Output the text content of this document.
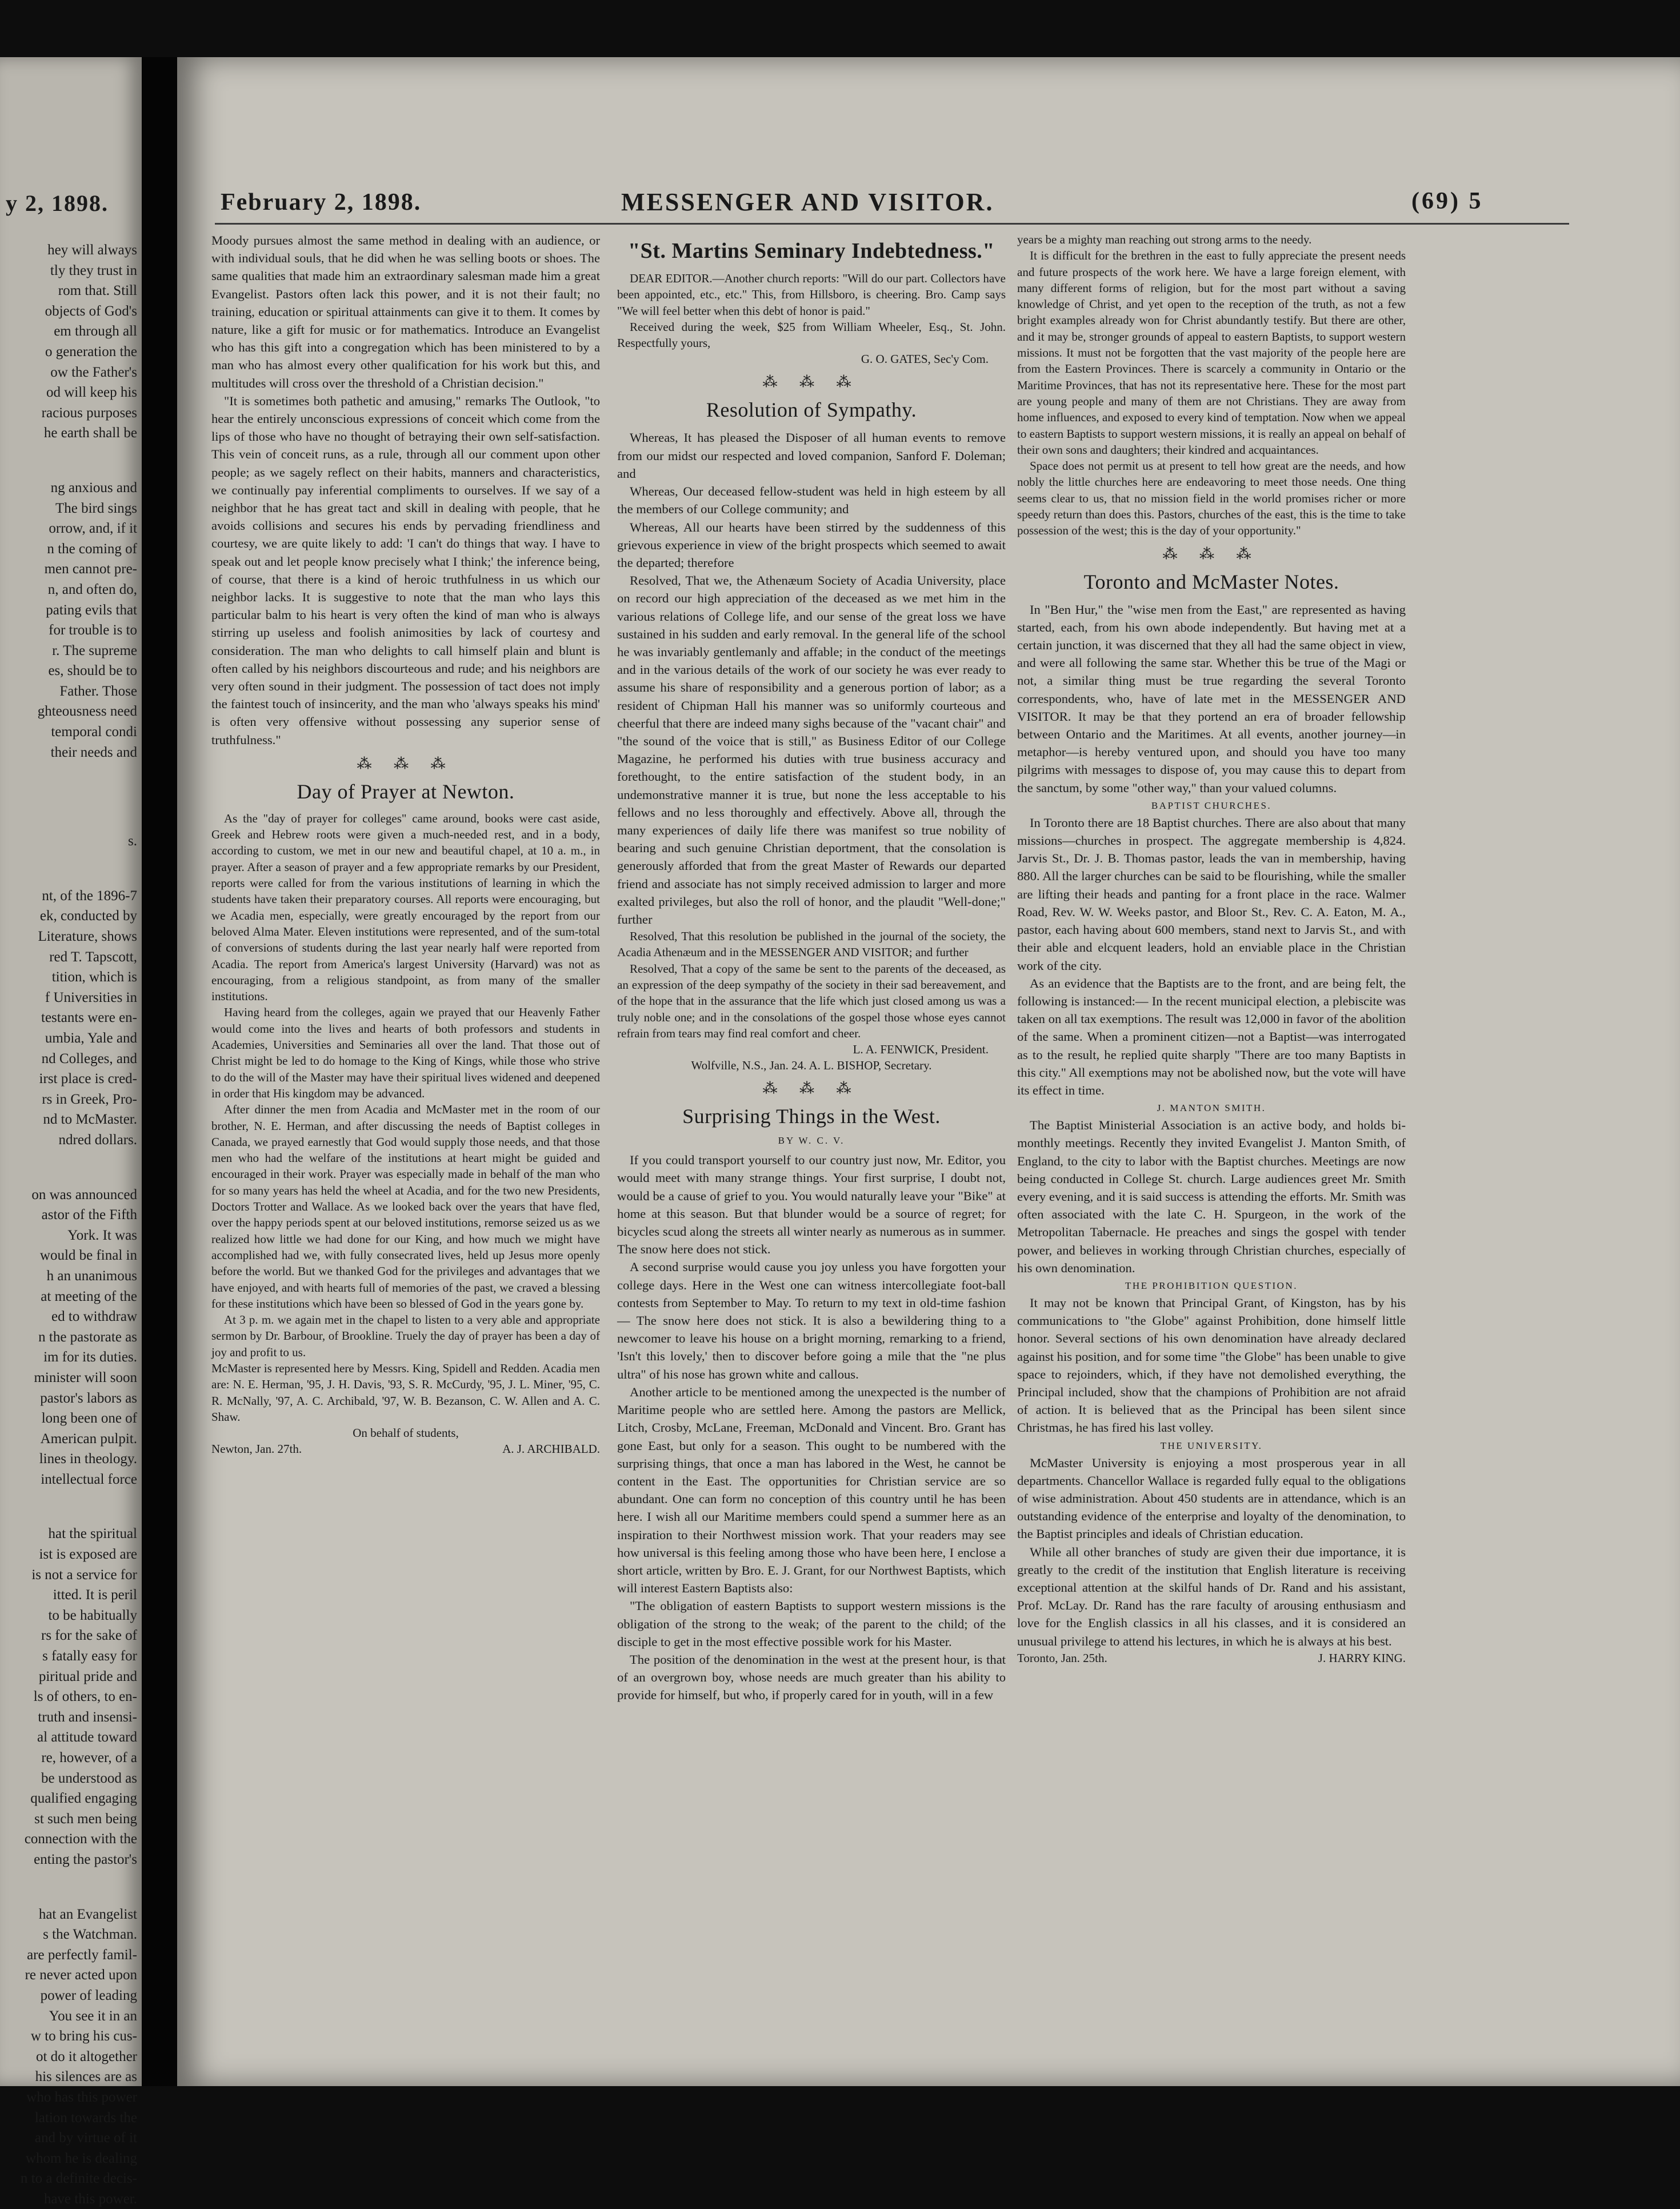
y 2, 1898.
hey will always
tly they trust in
rom that. Still
objects of God's
em through all
o generation the
ow the Father's
od will keep his
racious purposes
he earth shall be
ng anxious and
The bird sings
orrow, and, if it
n the coming of
men cannot pre-
n, and often do,
pating evils that
for trouble is to
r. The supreme
es, should be to
Father. Those
ghteousness need
temporal condi
their needs and
s.
nt, of the 1896-7
ek, conducted by
Literature, shows
red T. Tapscott,
tition, which is
f Universities in
testants were en-
umbia, Yale and
nd Colleges, and
irst place is cred-
rs in Greek, Pro-
nd to McMaster.
ndred dollars.
on was announced
astor of the Fifth
York. It was
would be final in
h an unanimous
at meeting of the
ed to withdraw
n the pastorate as
im for its duties.
minister will soon
pastor's labors as
long been one of
American pulpit.
lines in theology.
intellectual force
hat the spiritual
ist is exposed are
is not a service for
itted. It is peril
to be habitually
rs for the sake of
s fatally easy for
piritual pride and
ls of others, to en-
truth and insensi-
al attitude toward
re, however, of a
be understood as
qualified engaging
st such men being
connection with the
enting the pastor's
hat an Evangelist
s the Watchman.
are perfectly famil-
re never acted upon
power of leading
You see it in an
w to bring his cus-
ot do it altogether
his silences are as
who has this power
lation towards the
and by virtue of it
whom he is dealing
n to a definite decis-
have this power.
February 2, 1898.	MESSENGER AND VISITOR.	(69) 5

Moody pursues almost the same method in dealing with an audience, or with individual souls, that he did when he was selling boots or shoes. The same qualities that made him an extraordinary salesman made him a great Evangelist. Pastors often lack this power, and it is not their fault; no training, education or spiritual attainments can give it to them. It comes by nature, like a gift for music or for mathematics. Introduce an Evangelist who has this gift into a congregation which has been ministered to by a man who has almost every other qualification for his work but this, and multitudes will cross over the threshold of a Christian decision."

"It is sometimes both pathetic and amusing," remarks The Outlook, "to hear the entirely unconscious expressions of conceit which come from the lips of those who have no thought of betraying their own self-satisfaction. This vein of conceit runs, as a rule, through all our comment upon other people; as we sagely reflect on their habits, manners and characteristics, we continually pay inferential compliments to ourselves. If we say of a neighbor that he has great tact and skill in dealing with people, that he avoids collisions and secures his ends by pervading friendliness and courtesy, we are quite likely to add: 'I can't do things that way. I have to speak out and let people know precisely what I think;' the inference being, of course, that there is a kind of heroic truthfulness in us which our neighbor lacks. It is suggestive to note that the man who lays this particular balm to his heart is very often the kind of man who is always stirring up useless and foolish animosities by lack of courtesy and consideration. The man who delights to call himself plain and blunt is often called by his neighbors discourteous and rude; and his neighbors are very often sound in their judgment. The possession of tact does not imply the faintest touch of insincerity, and the man who 'always speaks his mind' is often very offensive without possessing any superior sense of truthfulness."

⁂ ⁂ ⁂
Day of Prayer at Newton.

As the "day of prayer for colleges" came around, books were cast aside, Greek and Hebrew roots were given a much-needed rest, and in a body, according to custom, we met in our new and beautiful chapel, at 10 a. m., in prayer. After a season of prayer and a few appropriate remarks by our President, reports were called for from the various institutions of learning in which the students have taken their preparatory courses. All reports were encouraging, but we Acadia men, especially, were greatly encouraged by the report from our beloved Alma Mater. Eleven institutions were represented, and of the sum-total of conversions of students during the last year nearly half were reported from Acadia. The report from America's largest University (Harvard) was not as encouraging, from a religious standpoint, as from many of the smaller institutions.

Having heard from the colleges, again we prayed that our Heavenly Father would come into the lives and hearts of both professors and students in Academies, Universities and Seminaries all over the land. That those out of Christ might be led to do homage to the King of Kings, while those who strive to do the will of the Master may have their spiritual lives widened and deepened in order that His kingdom may be advanced.

After dinner the men from Acadia and McMaster met in the room of our brother, N. E. Herman, and after discussing the needs of Baptist colleges in Canada, we prayed earnestly that God would supply those needs, and that those men who had the welfare of the institutions at heart might be guided and encouraged in their work. Prayer was especially made in behalf of the man who for so many years has held the wheel at Acadia, and for the two new Presidents, Doctors Trotter and Wallace. As we looked back over the years that have fled, over the happy periods spent at our beloved institutions, remorse seized us as we realized how little we had done for our King, and how much we might have accomplished had we, with fully consecrated lives, held up Jesus more openly before the world. But we thanked God for the privileges and advantages that we have enjoyed, and with hearts full of memories of the past, we craved a blessing for these institutions which have been so blessed of God in the years gone by.

At 3 p. m. we again met in the chapel to listen to a very able and appropriate sermon by Dr. Barbour, of Brookline. Truely the day of prayer has been a day of joy and profit to us.

McMaster is represented here by Messrs. King, Spidell and Redden. Acadia men are: N. E. Herman, '95, J. H. Davis, '93, S. R. McCurdy, '95, J. L. Miner, '95, C. R. McNally, '97, A. C. Archibald, '97, W. B. Bezanson, C. W. Allen and A. C. Shaw.

On behalf of students,
Newton, Jan. 27th.	A. J. ARCHIBALD.
"St. Martins Seminary Indebtedness."

DEAR EDITOR.—Another church reports: "Will do our part. Collectors have been appointed, etc., etc." This, from Hillsboro, is cheering. Bro. Camp says "We will feel better when this debt of honor is paid."

Received during the week, $25 from William Wheeler, Esq., St. John. Respectfully yours,

G. O. GATES, Sec'y Com.
⁂ ⁂ ⁂
Resolution of Sympathy.

Whereas, It has pleased the Disposer of all human events to remove from our midst our respected and loved companion, Sanford F. Doleman; and

Whereas, Our deceased fellow-student was held in high esteem by all the members of our College community; and

Whereas, All our hearts have been stirred by the suddenness of this grievous experience in view of the bright prospects which seemed to await the departed; therefore

Resolved, That we, the Athenæum Society of Acadia University, place on record our high appreciation of the deceased as we met him in the various relations of College life, and our sense of the great loss we have sustained in his sudden and early removal. In the general life of the school he was invariably gentlemanly and affable; in the conduct of the meetings and in the various details of the work of our society he was ever ready to assume his share of responsibility and a generous portion of labor; as a resident of Chipman Hall his manner was so uniformly courteous and cheerful that there are indeed many sighs because of the "vacant chair" and "the sound of the voice that is still," as Business Editor of our College Magazine, he performed his duties with true business accuracy and forethought, to the entire satisfaction of the student body, in an undemonstrative manner it is true, but none the less acceptable to his fellows and no less thoroughly and effectively. Above all, through the many experiences of daily life there was manifest so true nobility of bearing and such genuine Christian deportment, that the consolation is generously afforded that from the great Master of Rewards our departed friend and associate has not simply received admission to larger and more exalted privileges, but also the roll of honor, and the plaudit "Well-done;" further

Resolved, That this resolution be published in the journal of the society, the Acadia Athenæum and in the MESSENGER AND VISITOR; and further

Resolved, That a copy of the same be sent to the parents of the deceased, as an expression of the deep sympathy of the society in their sad bereavement, and of the hope that in the assurance that the life which just closed among us was a truly noble one; and in the consolations of the gospel those whose eyes cannot refrain from tears may find real comfort and cheer.

L. A. FENWICK, President.
Wolfville, N.S., Jan. 24. A. L. BISHOP, Secretary.
⁂ ⁂ ⁂
Surprising Things in the West.
BY W. C. V.

If you could transport yourself to our country just now, Mr. Editor, you would meet with many strange things. Your first surprise, I doubt not, would be a cause of grief to you. You would naturally leave your "Bike" at home at this season. But that blunder would be a source of regret; for bicycles scud along the streets all winter nearly as numerous as in summer. The snow here does not stick.

A second surprise would cause you joy unless you have forgotten your college days. Here in the West one can witness intercollegiate foot-ball contests from September to May. To return to my text in old-time fashion — The snow here does not stick. It is also a bewildering thing to a newcomer to leave his house on a bright morning, remarking to a friend, 'Isn't this lovely,' then to discover before going a mile that the "ne plus ultra" of his nose has grown white and callous.

Another article to be mentioned among the unexpected is the number of Maritime people who are settled here. Among the pastors are Mellick, Litch, Crosby, McLane, Freeman, McDonald and Vincent. Bro. Grant has gone East, but only for a season. This ought to be numbered with the surprising things, that once a man has labored in the West, he cannot be content in the East. The opportunities for Christian service are so abundant. One can form no conception of this country until he has been here. I wish all our Maritime members could spend a summer here as an inspiration to their Northwest mission work. That your readers may see how universal is this feeling among those who have been here, I enclose a short article, written by Bro. E. J. Grant, for our Northwest Baptists, which will interest Eastern Baptists also:

"The obligation of eastern Baptists to support western missions is the obligation of the strong to the weak; of the parent to the child; of the disciple to get in the most effective possible work for his Master.

The position of the denomination in the west at the present hour, is that of an overgrown boy, whose needs are much greater than his ability to provide for himself, but who, if properly cared for in youth, will in a few

years be a mighty man reaching out strong arms to the needy.

It is difficult for the brethren in the east to fully appreciate the present needs and future prospects of the work here. We have a large foreign element, with many different forms of religion, but for the most part without a saving knowledge of Christ, and yet open to the reception of the truth, as not a few bright examples already won for Christ abundantly testify. But there are other, and it may be, stronger grounds of appeal to eastern Baptists, to support western missions. It must not be forgotten that the vast majority of the people here are from the Eastern Provinces. There is scarcely a community in Ontario or the Maritime Provinces, that has not its representative here. These for the most part are young people and many of them are not Christians. They are away from home influences, and exposed to every kind of temptation. Now when we appeal to eastern Baptists to support western missions, it is really an appeal on behalf of their own sons and daughters; their kindred and acquaintances.

Space does not permit us at present to tell how great are the needs, and how nobly the little churches here are endeavoring to meet those needs. One thing seems clear to us, that no mission field in the world promises richer or more speedy return than does this. Pastors, churches of the east, this is the time to take possession of the west; this is the day of your opportunity."

⁂ ⁂ ⁂
Toronto and McMaster Notes.

In "Ben Hur," the "wise men from the East," are represented as having started, each, from his own abode independently. But having met at a certain junction, it was discerned that they all had the same object in view, and were all following the same star. Whether this be true of the Magi or not, a similar thing must be true regarding the several Toronto correspondents, who, have of late met in the MESSENGER AND VISITOR. It may be that they portend an era of broader fellowship between Ontario and the Maritimes. At all events, another journey—in metaphor—is hereby ventured upon, and should you have too many pilgrims with messages to dispose of, you may cause this to depart from the sanctum, by some "other way," than your valued columns.

BAPTIST CHURCHES.

In Toronto there are 18 Baptist churches. There are also about that many missions—churches in prospect. The aggregate membership is 4,824. Jarvis St., Dr. J. B. Thomas pastor, leads the van in membership, having 880. All the larger churches can be said to be flourishing, while the smaller are lifting their heads and panting for a front place in the race. Walmer Road, Rev. W. W. Weeks pastor, and Bloor St., Rev. C. A. Eaton, M. A., pastor, each having about 600 members, stand next to Jarvis St., and with their able and elcquent leaders, hold an enviable place in the Christian work of the city.

As an evidence that the Baptists are to the front, and are being felt, the following is instanced:— In the recent municipal election, a plebiscite was taken on all tax exemptions. The result was 12,000 in favor of the abolition of the same. When a prominent citizen—not a Baptist—was interrogated as to the result, he replied quite sharply "There are too many Baptists in this city." All exemptions may not be abolished now, but the vote will have its effect in time.

J. MANTON SMITH.

The Baptist Ministerial Association is an active body, and holds bi-monthly meetings. Recently they invited Evangelist J. Manton Smith, of England, to the city to labor with the Baptist churches. Meetings are now being conducted in College St. church. Large audiences greet Mr. Smith every evening, and it is said success is attending the efforts. Mr. Smith was often associated with the late C. H. Spurgeon, in the work of the Metropolitan Tabernacle. He preaches and sings the gospel with tender power, and believes in working through Christian churches, especially of his own denomination.

THE PROHIBITION QUESTION.

It may not be known that Principal Grant, of Kingston, has by his communications to "the Globe" against Prohibition, done himself little honor. Several sections of his own denomination have already declared against his position, and for some time "the Globe" has been unable to give space to rejoinders, which, if they have not demolished everything, the Principal included, show that the champions of Prohibition are not afraid of action. It is believed that as the Principal has been silent since Christmas, he has fired his last volley.

THE UNIVERSITY.

McMaster University is enjoying a most prosperous year in all departments. Chancellor Wallace is regarded fully equal to the obligations of wise administration. About 450 students are in attendance, which is an outstanding evidence of the enterprise and loyalty of the denomination, to the Baptist principles and ideals of Christian education.

While all other branches of study are given their due importance, it is greatly to the credit of the institution that English literature is receiving exceptional attention at the skilful hands of Dr. Rand and his assistant, Prof. McLay. Dr. Rand has the rare faculty of arousing enthusiasm and love for the English classics in all his classes, and it is considered an unusual privilege to attend his lectures, in which he is always at his best.

Toronto, Jan. 25th.	J. HARRY KING.
